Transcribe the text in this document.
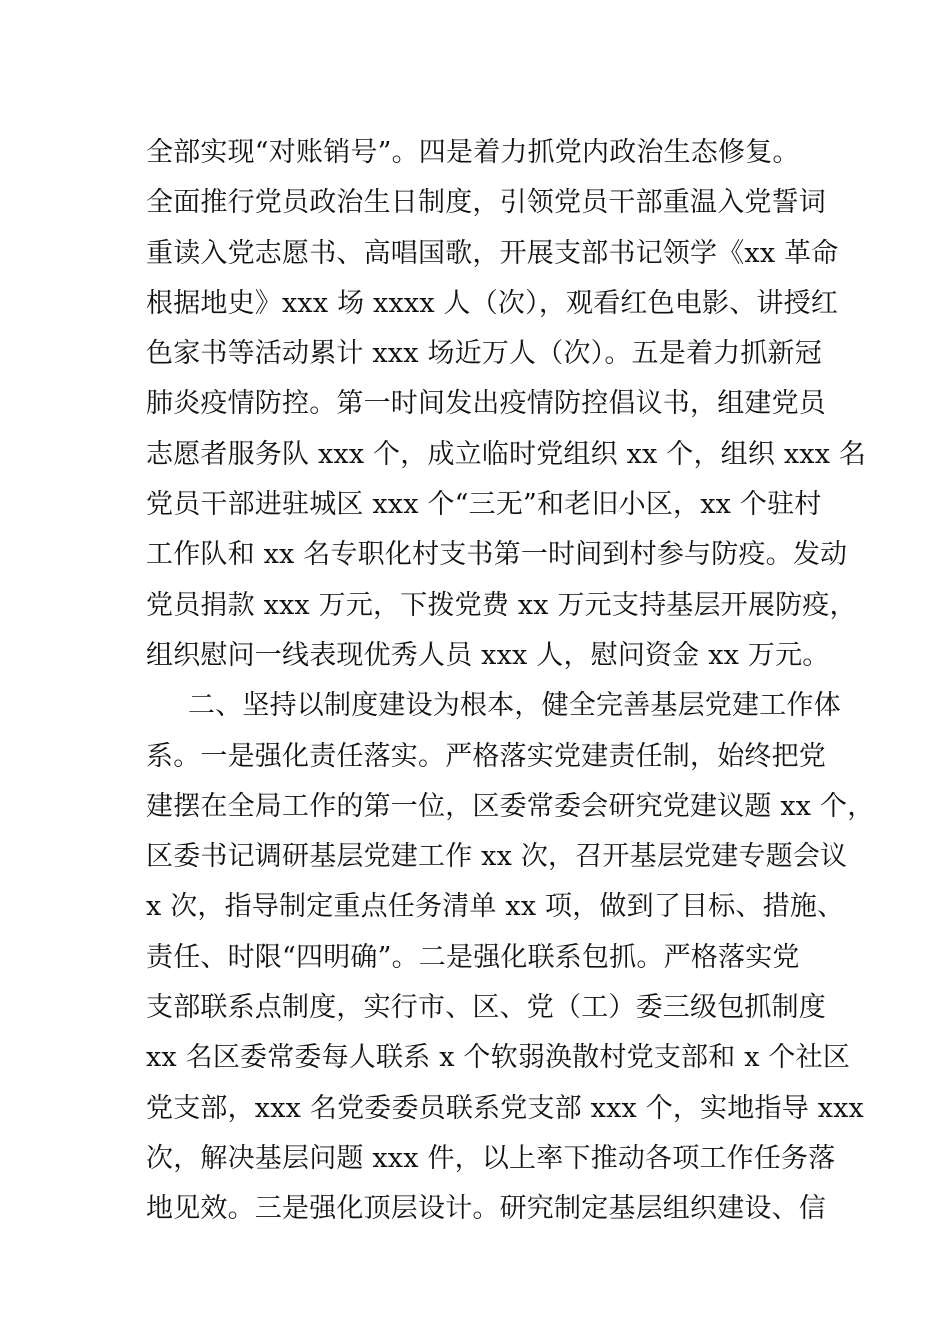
全部实现“对账销号”。四是着力抓党内政治生态修复。
全面推行党员政治生日制度，引领党员干部重温入党誓词
重读入党志愿书、高唱国歌，开展支部书记领学《xx 革命
根据地史》xxx 场 xxxx 人（次），观看红色电影、讲授红
色家书等活动累计 xxx 场近万人（次）。五是着力抓新冠
肺炎疫情防控。第一时间发出疫情防控倡议书，组建党员
志愿者服务队 xxx 个，成立临时党组织 xx 个，组织 xxx 名
党员干部进驻城区 xxx 个“三无”和老旧小区，xx 个驻村
工作队和 xx 名专职化村支书第一时间到村参与防疫。发动
党员捐款 xxx 万元，下拨党费 xx 万元支持基层开展防疫，
组织慰问一线表现优秀人员 xxx 人，慰问资金 xx 万元。
二、坚持以制度建设为根本，健全完善基层党建工作体
系。一是强化责任落实。严格落实党建责任制，始终把党
建摆在全局工作的第一位，区委常委会研究党建议题 xx 个，
区委书记调研基层党建工作 xx 次，召开基层党建专题会议
x 次，指导制定重点任务清单 xx 项，做到了目标、措施、
责任、时限“四明确”。二是强化联系包抓。严格落实党
支部联系点制度，实行市、区、党（工）委三级包抓制度
xx 名区委常委每人联系 x 个软弱涣散村党支部和 x 个社区
党支部，xxx 名党委委员联系党支部 xxx 个，实地指导 xxx
次，解决基层问题 xxx 件，以上率下推动各项工作任务落
地见效。三是强化顶层设计。研究制定基层组织建设、信
